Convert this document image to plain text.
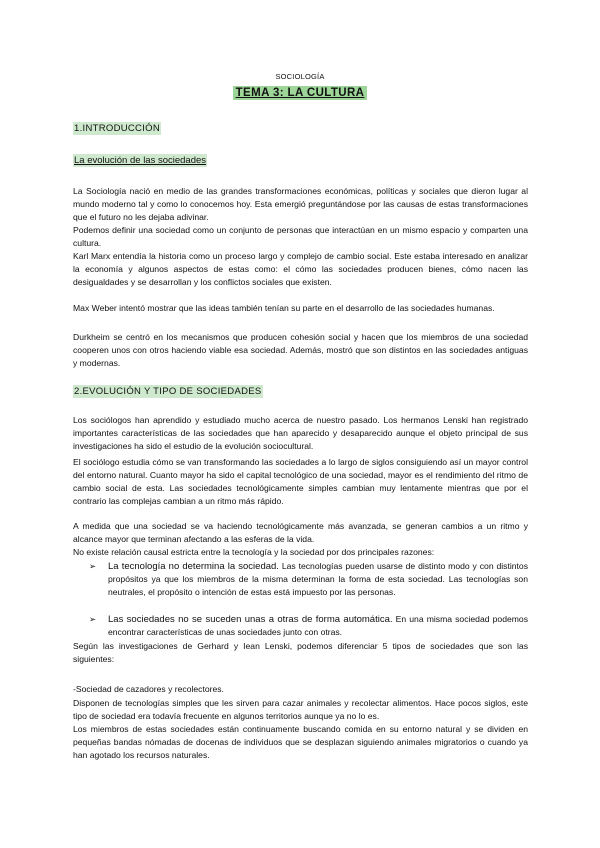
SOCIOLOGÍA
TEMA 3: LA CULTURA
1.INTRODUCCIÓN
La evolución de las sociedades
La Sociología nació en medio de las grandes transformaciones económicas, políticas y sociales que dieron lugar al mundo moderno tal y como lo conocemos hoy. Esta emergió preguntándose por las causas de estas transformaciones que el futuro no les dejaba adivinar.
Podemos definir una sociedad como un conjunto de personas que interactúan en un mismo espacio y comparten una cultura.
Karl Marx entendía la historia como un proceso largo y complejo de cambio social. Este estaba interesado en analizar la economía y algunos aspectos de estas como: el cómo las sociedades producen bienes, cómo nacen las desigualdades y se desarrollan y los conflictos sociales que existen.
Max Weber intentó mostrar que las ideas también tenían su parte en el desarrollo de las sociedades humanas.
Durkheim se centró en los mecanismos que producen cohesión social y hacen que los miembros de una sociedad cooperen unos con otros haciendo viable esa sociedad. Además, mostró que son distintos en las sociedades antiguas y modernas.
2.EVOLUCIÓN Y TIPO DE SOCIEDADES
Los sociólogos han aprendido y estudiado mucho acerca de nuestro pasado. Los hermanos Lenski han registrado importantes características de las sociedades que han aparecido y desaparecido aunque el objeto principal de sus investigaciones ha sido el estudio de la evolución sociocultural.
El sociólogo estudia cómo se van transformando las sociedades a lo largo de siglos consiguiendo así un mayor control del entorno natural. Cuanto mayor ha sido el capital tecnológico de una sociedad, mayor es el rendimiento del ritmo de cambio social de esta. Las sociedades tecnológicamente simples cambian muy lentamente mientras que por el contrario las complejas cambian a un ritmo más rápido.
A medida que una sociedad se va haciendo tecnológicamente más avanzada, se generan cambios a un ritmo y alcance mayor que terminan afectando a las esferas de la vida.
No existe relación causal estricta entre la tecnología y la sociedad por dos principales razones:
➢	La tecnología no determina la sociedad. Las tecnologías pueden usarse de distinto modo y con distintos propósitos ya que los miembros de la misma determinan la forma de esta sociedad. Las tecnologías son neutrales, el propósito o intención de estas está impuesto por las personas.
➢	Las sociedades no se suceden unas a otras de forma automática. En una misma sociedad podemos encontrar características de unas sociedades junto con otras.
Según las investigaciones de Gerhard y Iean Lenski, podemos diferenciar 5 tipos de sociedades que son las siguientes:
-Sociedad de cazadores y recolectores.
Disponen de tecnologías simples que les sirven para cazar animales y recolectar alimentos. Hace pocos siglos, este tipo de sociedad era todavía frecuente en algunos territorios aunque ya no lo es.
Los miembros de estas sociedades están continuamente buscando comida en su entorno natural y se dividen en pequeñas bandas nómadas de docenas de individuos que se desplazan siguiendo animales migratorios o cuando ya han agotado los recursos naturales.
